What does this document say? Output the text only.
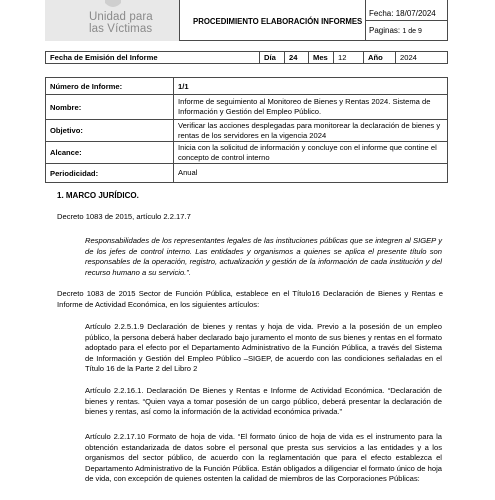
Unidad para
las Víctimas
PROCEDIMIENTO ELABORACIÓN INFORMES
Fecha: 18/07/2024
Paginas: 1 de 9
Fecha de Emisión del Informe	Día	24	Mes	12	Año	2024
Número de Informe:	1/1
Nombre:
Informe de seguimiento al Monitoreo de Bienes y Rentas 2024. Sistema de Información y Gestión del Empleo Público.
Objetivo:
Verificar las acciones desplegadas para monitorear la declaración de bienes y rentas de los servidores en la vigencia 2024
Alcance:
Inicia con la solicitud de información y concluye con el informe que contine el concepto de control interno
Periodicidad:	Anual
1. MARCO JURÍDICO.
Decreto 1083 de 2015, artículo 2.2.17.7
Responsabilidades de los representantes legales de las instituciones públicas que se integren al SIGEP y de los jefes de control interno. Las entidades y organismos a quienes se aplica el presente título son responsables de la operación, registro, actualización y gestión de la información de cada institución y del recurso humano a su servicio.”.
Decreto 1083 de 2015 Sector de Función Pública, establece en el Título16 Declaración de Bienes y Rentas e Informe de Actividad Económica, en los siguientes artículos:
Artículo 2.2.5.1.9 Declaración de bienes y rentas y hoja de vida. Previo a la posesión de un empleo público, la persona deberá haber declarado bajo juramento el monto de sus bienes y rentas en el formato adoptado para el efecto por el Departamento Administrativo de la Función Pública, a través del Sistema de Información y Gestión del Empleo Público –SIGEP, de acuerdo con las condiciones señaladas en el Título 16 de la Parte 2 del Libro 2
Artículo 2.2.16.1. Declaración De Bienes y Rentas e Informe de Actividad Económica. “Declaración de bienes y rentas. “Quien vaya a tomar posesión de un cargo público, deberá presentar la declaración de bienes y rentas, así como la información de la actividad económica privada.”
Artículo 2.2.17.10 Formato de hoja de vida. “El formato único de hoja de vida es el instrumento para la obtención estandarizada de datos sobre el personal que presta sus servicios a las entidades y a los organismos del sector público, de acuerdo con la reglamentación que para el efecto establezca el Departamento Administrativo de la Función Pública. Están obligados a diligenciar el formato único de hoja de vida, con excepción de quienes ostenten la calidad de miembros de las Corporaciones Públicas:
